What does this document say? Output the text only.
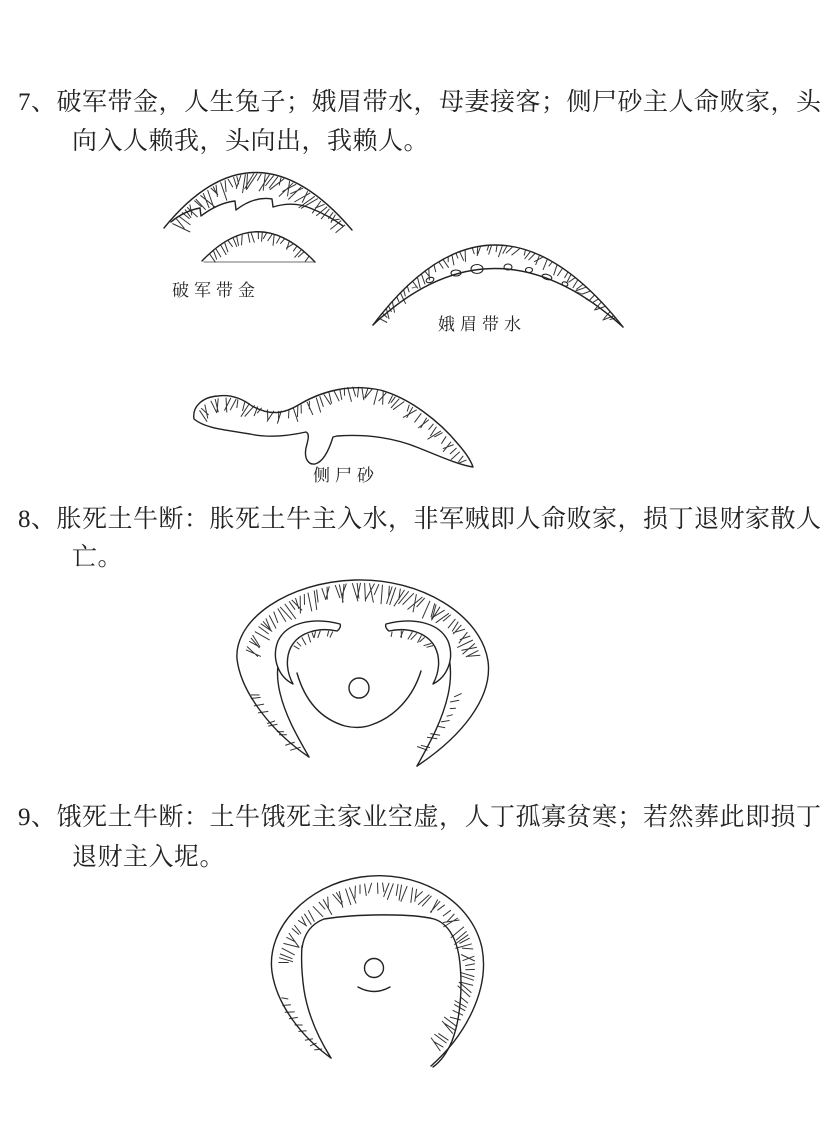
7、破军带金，人生兔子；娥眉带水，母妻接客；侧尸砂主人命败家，头
向入人赖我，头向出，我赖人。
破军带金
娥眉带水
侧尸砂
8、胀死土牛断：胀死土牛主入水，非军贼即人命败家，损丁退财家散人
亡。
9、饿死土牛断：土牛饿死主家业空虚，人丁孤寡贫寒；若然葬此即损丁
退财主入坭。
